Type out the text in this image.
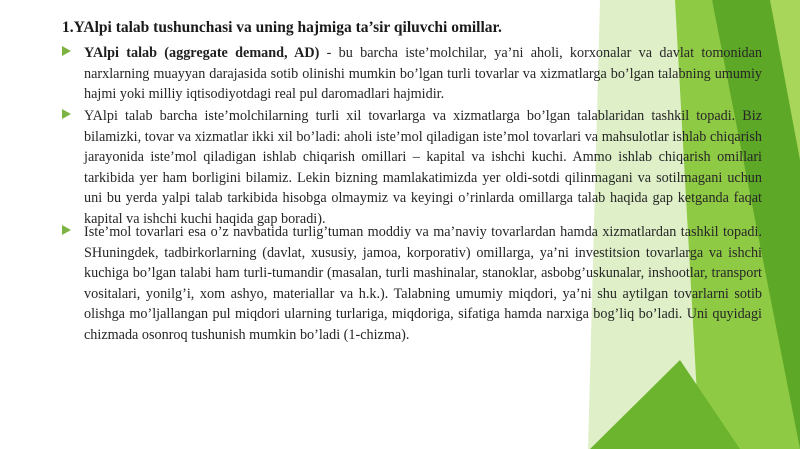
1.YAlpi talab tushunchasi va uning hajmiga ta’sir qiluvchi omillar.

YAlpi talab (aggregate demand, AD) - bu barcha iste’molchilar, ya’ni aholi, korxonalar va davlat tomonidan narxlarning muayyan darajasida sotib olinishi mumkin bo’lgan turli tovarlar va xizmatlarga bo’lgan talabning umumiy hajmi yoki milliy iqtisodiyotdagi real pul daromadlari hajmidir.

YAlpi talab barcha iste’molchilarning turli xil tovarlarga va xizmatlarga bo’lgan talablaridan tashkil topadi. Biz bilamizki, tovar va xizmatlar ikki xil bo’ladi: aholi iste’mol qiladigan iste’mol tovarlari va mahsulotlar ishlab chiqarish jarayonida iste’mol qiladigan ishlab chiqarish omillari – kapital va ishchi kuchi. Ammo ishlab chiqarish omillari tarkibida yer ham borligini bilamiz. Lekin bizning mamlakatimizda yer oldi-sotdi qilinmagani va sotilmagani uchun uni bu yerda yalpi talab tarkibida hisobga olmaymiz va keyingi o’rinlarda omillarga talab haqida gap ketganda faqat kapital va ishchi kuchi haqida gap boradi).

Iste’mol tovarlari esa o’z navbatida turlig’tuman moddiy va ma’naviy tovarlardan hamda xizmatlardan tashkil topadi. SHuningdek, tadbirkorlarning (davlat, xususiy, jamoa, korporativ) omillarga, ya’ni investitsion tovarlarga va ishchi kuchiga bo’lgan talabi ham turli-tumandir (masalan, turli mashinalar, stanoklar, asbobg’uskunalar, inshootlar, transport vositalari, yonilg’i, xom ashyo, materiallar va h.k.). Talabning umumiy miqdori, ya’ni shu aytilgan tovarlarni sotib olishga mo’ljallangan pul miqdori ularning turlariga, miqdoriga, sifatiga hamda narxiga bog’liq bo’ladi. Uni quyidagi chizmada osonroq tushunish mumkin bo’ladi (1-chizma).
